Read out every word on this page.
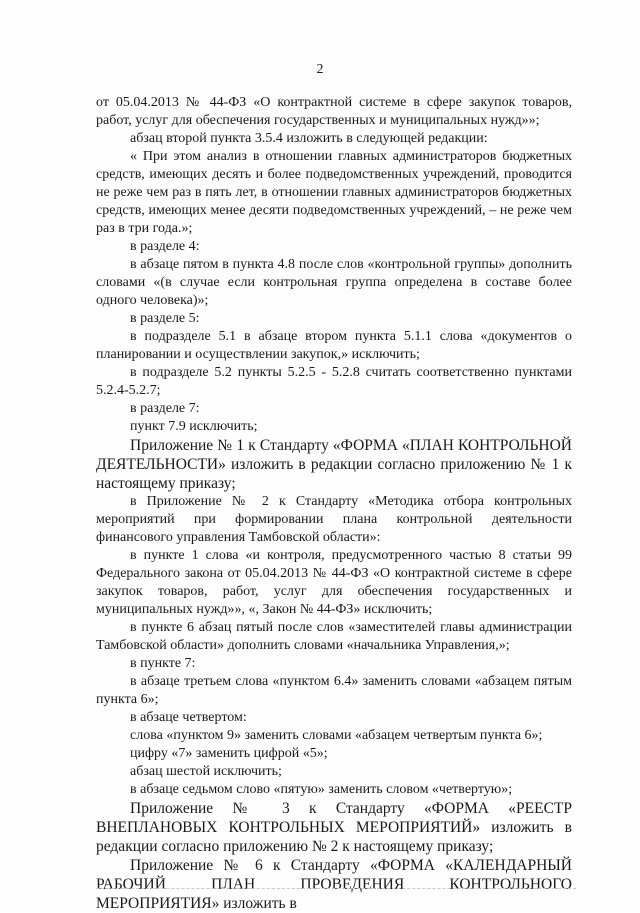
2

от 05.04.2013 № 44-ФЗ «О контрактной системе в сфере закупок товаров, работ, услуг для обеспечения государственных и муниципальных нужд»»;

абзац второй пункта 3.5.4 изложить в следующей редакции:

« При этом анализ в отношении главных администраторов бюджетных средств, имеющих десять и более подведомственных учреждений, проводится не реже чем раз в пять лет, в отношении главных администраторов бюджетных средств, имеющих менее десяти подведомственных учреждений, – не реже чем раз в три года.»;

в разделе 4:

в абзаце пятом в пункта 4.8 после слов «контрольной группы» дополнить словами «(в случае если контрольная группа определена в составе более одного человека)»;

в разделе 5:

в подразделе 5.1 в абзаце втором пункта 5.1.1 слова «документов о планировании и осуществлении закупок,» исключить;

в подразделе 5.2 пункты 5.2.5 - 5.2.8 считать соответственно пунктами 5.2.4-5.2.7;

в разделе 7:

пункт 7.9 исключить;

Приложение № 1 к Стандарту «ФОРМА «ПЛАН КОНТРОЛЬНОЙ ДЕЯТЕЛЬНОСТИ» изложить в редакции согласно приложению № 1 к настоящему приказу;

в Приложение № 2 к Стандарту «Методика отбора контрольных мероприятий при формировании плана контрольной деятельности финансового управления Тамбовской области»:

в пункте 1 слова «и контроля, предусмотренного частью 8 статьи 99 Федерального закона от 05.04.2013 № 44-ФЗ «О контрактной системе в сфере закупок товаров, работ, услуг для обеспечения государственных и муниципальных нужд»», «, Закон № 44-ФЗ» исключить;

в пункте 6 абзац пятый после слов «заместителей главы администрации Тамбовской области» дополнить словами «начальника Управления,»;

в пункте 7:

в абзаце третьем слова «пунктом 6.4» заменить словами «абзацем пятым пункта 6»;

в абзаце четвертом:

слова «пунктом 9» заменить словами «абзацем четвертым пункта 6»;

цифру «7» заменить цифрой «5»;

абзац шестой исключить;

в абзаце седьмом слово «пятую» заменить словом «четвертую»;

Приложение № 3 к Стандарту «ФОРМА «РЕЕСТР ВНЕПЛАНОВЫХ КОНТРОЛЬНЫХ МЕРОПРИЯТИЙ» изложить в редакции согласно приложению № 2 к настоящему приказу;

Приложение № 6 к Стандарту «ФОРМА «КАЛЕНДАРНЫЙ РАБОЧИЙ ПЛАН ПРОВЕДЕНИЯ КОНТРОЛЬНОГО МЕРОПРИЯТИЯ» изложить в
